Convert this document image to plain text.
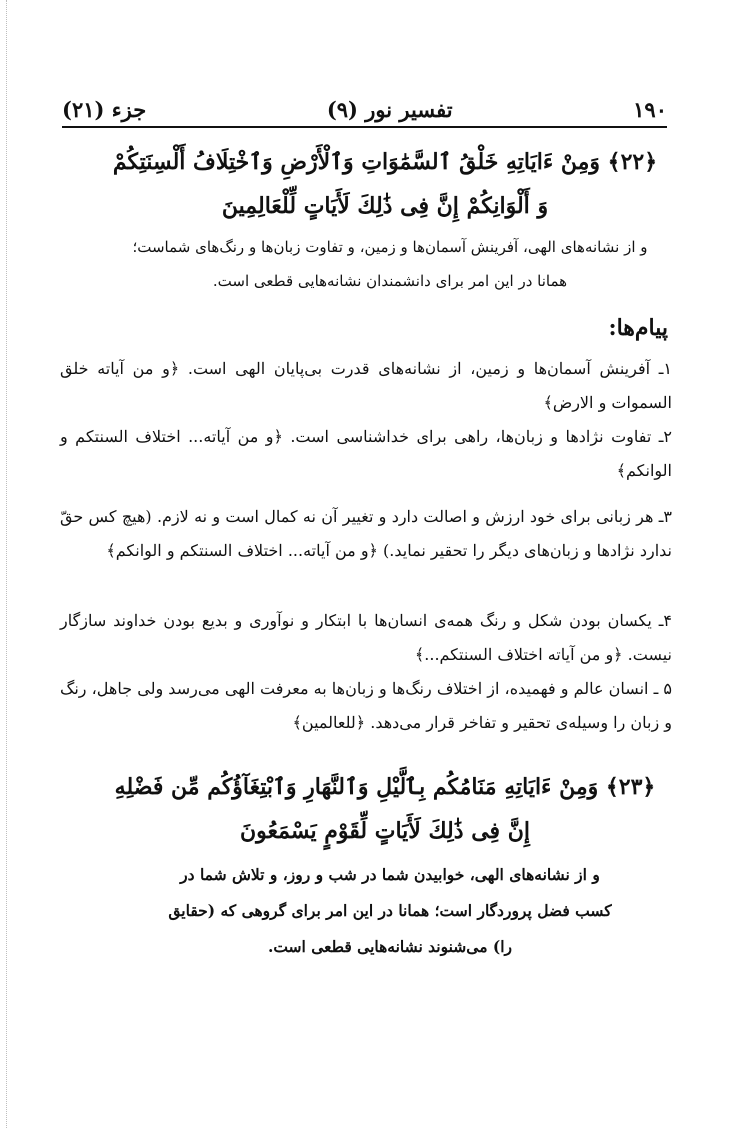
۱۹۰
تفسیر نور (۹)
جزء (۲۱)
﴿۲۲﴾ وَمِنْ ءَايَاتِهِ خَلْقُ ٱلسَّمَٰوَاتِ وَٱلْأَرْضِ وَٱخْتِلَافُ أَلْسِنَتِكُمْ وَ أَلْوَانِكُمْ إِنَّ فِى ذَٰلِكَ لَأَيَاتٍ لِّلْعَالِمِينَ
و از نشانه‌های الهی، آفرینش آسمان‌ها و زمین، و تفاوت زبان‌ها و رنگ‌های شماست؛ همانا در این امر برای دانشمندان نشانه‌هایی قطعی است.
پیام‌ها:
۱ـ آفرینش آسمان‌ها و زمین، از نشانه‌های قدرت بی‌پایان الهی است. ﴿و من آیاته خلق السموات و الارض﴾
۲ـ تفاوت نژادها و زبان‌ها، راهی برای خداشناسی است. ﴿و من آیاته... اختلاف السنتکم و الوانکم﴾
۳ـ هر زبانی برای خود ارزش و اصالت دارد و تغییر آن نه کمال است و نه لازم. (هیچ کس حقّ ندارد نژادها و زبان‌های دیگر را تحقیر نماید.) ﴿و من آیاته... اختلاف السنتکم و الوانکم﴾
۴ـ یکسان بودن شکل و رنگ همه‌ی انسان‌ها با ابتکار و نوآوری و بدیع بودن خداوند سازگار نیست. ﴿و من آیاته اختلاف السنتکم...﴾
۵ ـ انسان عالم و فهمیده، از اختلاف رنگ‌ها و زبان‌ها به معرفت الهی می‌رسد ولی جاهل، رنگ و زبان را وسیله‌ی تحقیر و تفاخر قرار می‌دهد. ﴿للعالمین﴾
﴿۲۳﴾ وَمِنْ ءَايَاتِهِ مَنَامُكُم بِٱلَّيْلِ وَٱلنَّهَارِ وَٱبْتِغَآؤُكُم مِّن فَضْلِهِ إِنَّ فِى ذَٰلِكَ لَأَيَاتٍ لِّقَوْمٍ يَسْمَعُونَ
و از نشانه‌های الهی، خوابیدن شما در شب و روز، و تلاش شما در کسب فضل پروردگار است؛ همانا در این امر برای گروهی که (حقایق را) می‌شنوند نشانه‌هایی قطعی است.
